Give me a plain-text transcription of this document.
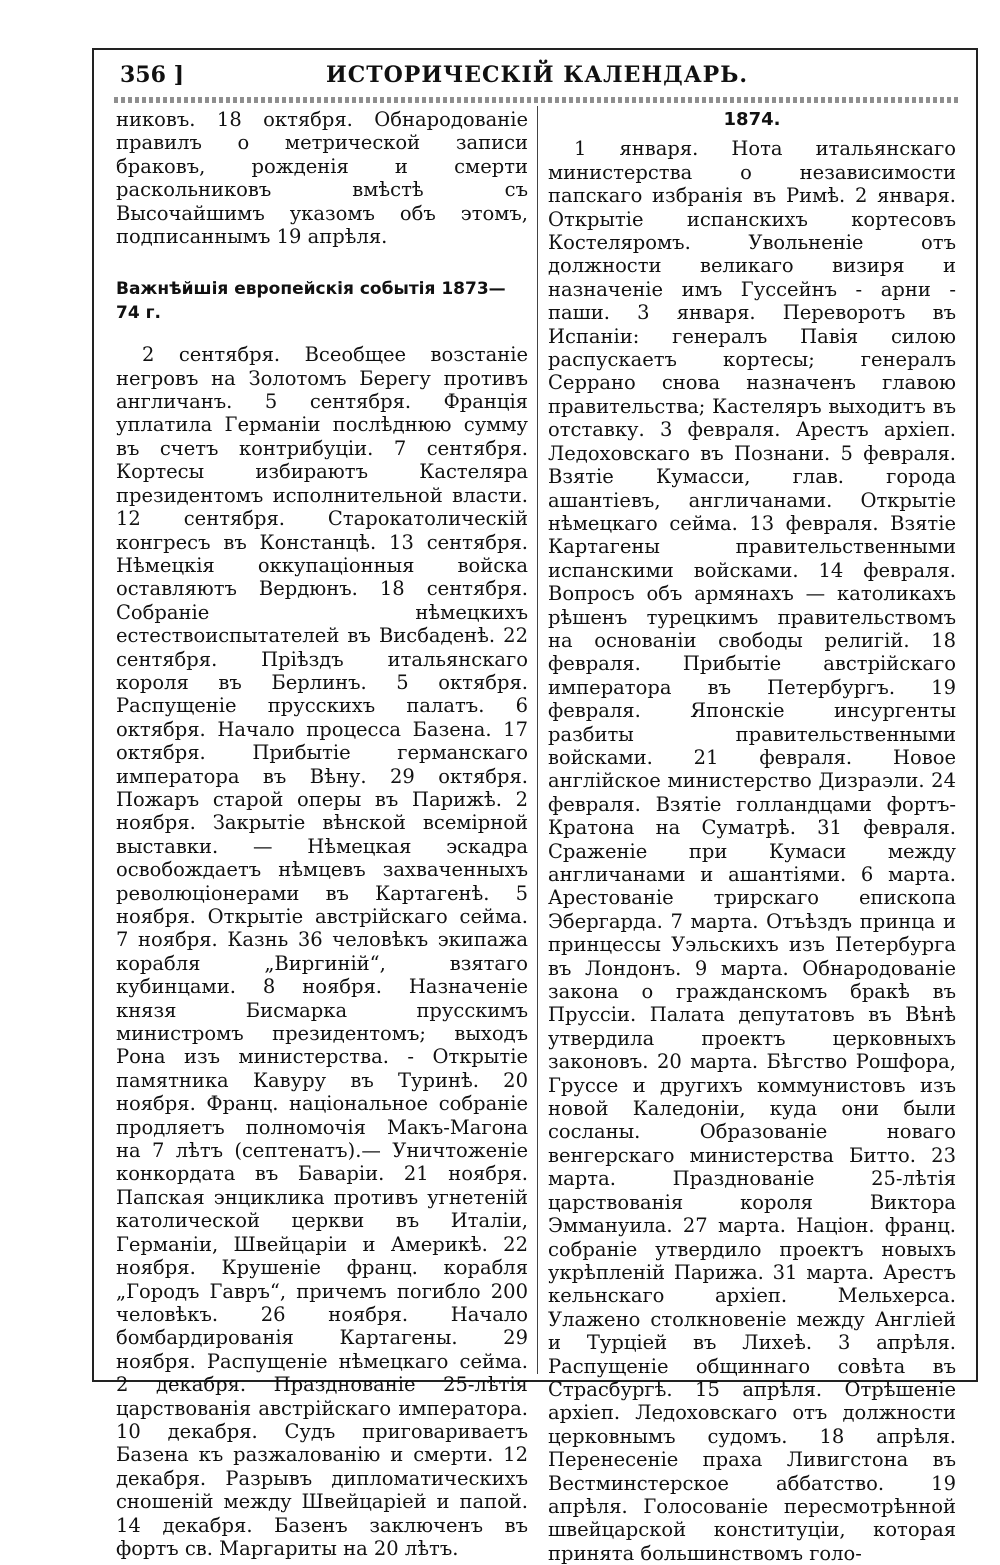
356 ]	ИСТОРИЧЕСКІЙ КАЛЕНДАРЬ.

никовъ. 18 октября. Обнародованіе правилъ о метрической записи браковъ, рожденія и смерти раскольниковъ вмѣстѣ съ Высочайшимъ указомъ объ этомъ, подписаннымъ 19 апрѣля.

Важнѣйшія европейскія событія 1873—74 г.

2 сентября. Всеобщее возстаніе негровъ на Золотомъ Берегу противъ англичанъ. 5 сентября. Франція уплатила Германіи послѣднюю сумму въ счетъ контрибуціи. 7 сентября. Кортесы избираютъ Кастеляра президентомъ исполнительной власти. 12 сентября. Старокатолическій конгресъ въ Констанцѣ. 13 сентября. Нѣмецкія оккупаціонныя войска оставляютъ Вердюнъ. 18 сентября. Собраніе нѣмецкихъ естествоиспытателей въ Висбаденѣ. 22 сентября. Пріѣздъ итальянскаго короля въ Берлинъ. 5 октября. Распущеніе прусскихъ палатъ. 6 октября. Начало процесса Базена. 17 октября. Прибытіе германскаго императора въ Вѣну. 29 октября. Пожаръ старой оперы въ Парижѣ. 2 ноября. Закрытіе вѣнской всемірной выставки. — Нѣмецкая эскадра освобождаетъ нѣмцевъ захваченныхъ революціонерами въ Картагенѣ. 5 ноября. Открытіе австрійскаго сейма. 7 ноября. Казнь 36 человѣкъ экипажа корабля „Виргиній“, взятаго кубинцами. 8 ноября. Назначеніе князя Бисмарка прусскимъ министромъ президентомъ; выходъ Рона изъ министерства. - Открытіе памятника Кавуру въ Туринѣ. 20 ноября. Франц. національное собраніе продляетъ полномочія Макъ-Магона на 7 лѣтъ (септенатъ).— Уничтоженіе конкордата въ Баваріи. 21 ноября. Папская энциклика противъ угнетеній католической церкви въ Италіи, Германіи, Швейцаріи и Америкѣ. 22 ноября. Крушеніе франц. корабля „Городъ Гавръ“, причемъ погибло 200 человѣкъ. 26 ноября. Начало бомбардированія Картагены. 29 ноября. Распущеніе нѣмецкаго сейма. 2 декабря. Празднованіе 25-лѣтія царствованія австрійскаго императора. 10 декабря. Судъ приговариваетъ Базена къ разжалованію и смерти. 12 декабря. Разрывъ дипломатическихъ сношеній между Швейцаріей и папой. 14 декабря. Базенъ заключенъ въ фортъ св. Маргариты на 20 лѣтъ.

1874.

1 января. Нота итальянскаго министерства о независимости папскаго избранія въ Римѣ. 2 января. Открытіе испанскихъ кортесовъ Костеляромъ. Увольненіе отъ должности великаго визиря и назначеніе имъ Гуссейнъ - арни - паши. 3 января. Переворотъ въ Испаніи: генералъ Павія силою распускаетъ кортесы; генералъ Серрано снова назначенъ главою правительства; Кастеляръ выходитъ въ отставку. 3 февраля. Арестъ архіеп. Ледоховскаго въ Познани. 5 февраля. Взятіе Кумасси, глав. города ашантіевъ, англичанами. Открытіе нѣмецкаго сейма. 13 февраля. Взятіе Картагены правительственными испанскими войсками. 14 февраля. Вопросъ объ армянахъ — католикахъ рѣшенъ турецкимъ правительствомъ на основаніи свободы религій. 18 февраля. Прибытіе австрійскаго императора въ Петербургъ. 19 февраля. Японскіе инсургенты разбиты правительственными войсками. 21 февраля. Новое англійское министерство Дизраэли. 24 февраля. Взятіе голландцами фортъ-Кратона на Суматрѣ. 31 февраля. Сраженіе при Кумаси между англичанами и ашантіями. 6 марта. Арестованіе трирскаго епископа Эбергарда. 7 марта. Отъѣздъ принца и принцессы Уэльскихъ изъ Петербурга въ Лондонъ. 9 марта. Обнародованіе закона о гражданскомъ бракѣ въ Пруссіи. Палата депутатовъ въ Вѣнѣ утвердила проектъ церковныхъ законовъ. 20 марта. Бѣгство Рошфора, Груссе и другихъ коммунистовъ изъ новой Каледоніи, куда они были сосланы. Образованіе новаго венгерскаго министерства Битто. 23 марта. Празднованіе 25-лѣтія царствованія короля Виктора Эммануила. 27 марта. Націон. франц. собраніе утвердило проектъ новыхъ укрѣпленій Парижа. 31 марта. Арестъ кельнскаго архіеп. Мельхерса. Улажено столкновеніе между Англіей и Турціей въ Лихеѣ. 3 апрѣля. Распущеніе общиннаго совѣта въ Страсбургѣ. 15 апрѣля. Отрѣшеніе архіеп. Ледоховскаго отъ должности церковнымъ судомъ. 18 апрѣля. Перенесеніе праха Ливигстона въ Вестминстерское аббатство. 19 апрѣля. Голосованіе пересмотрѣнной швейцарской конституціи, которая принята большинствомъ голо-
